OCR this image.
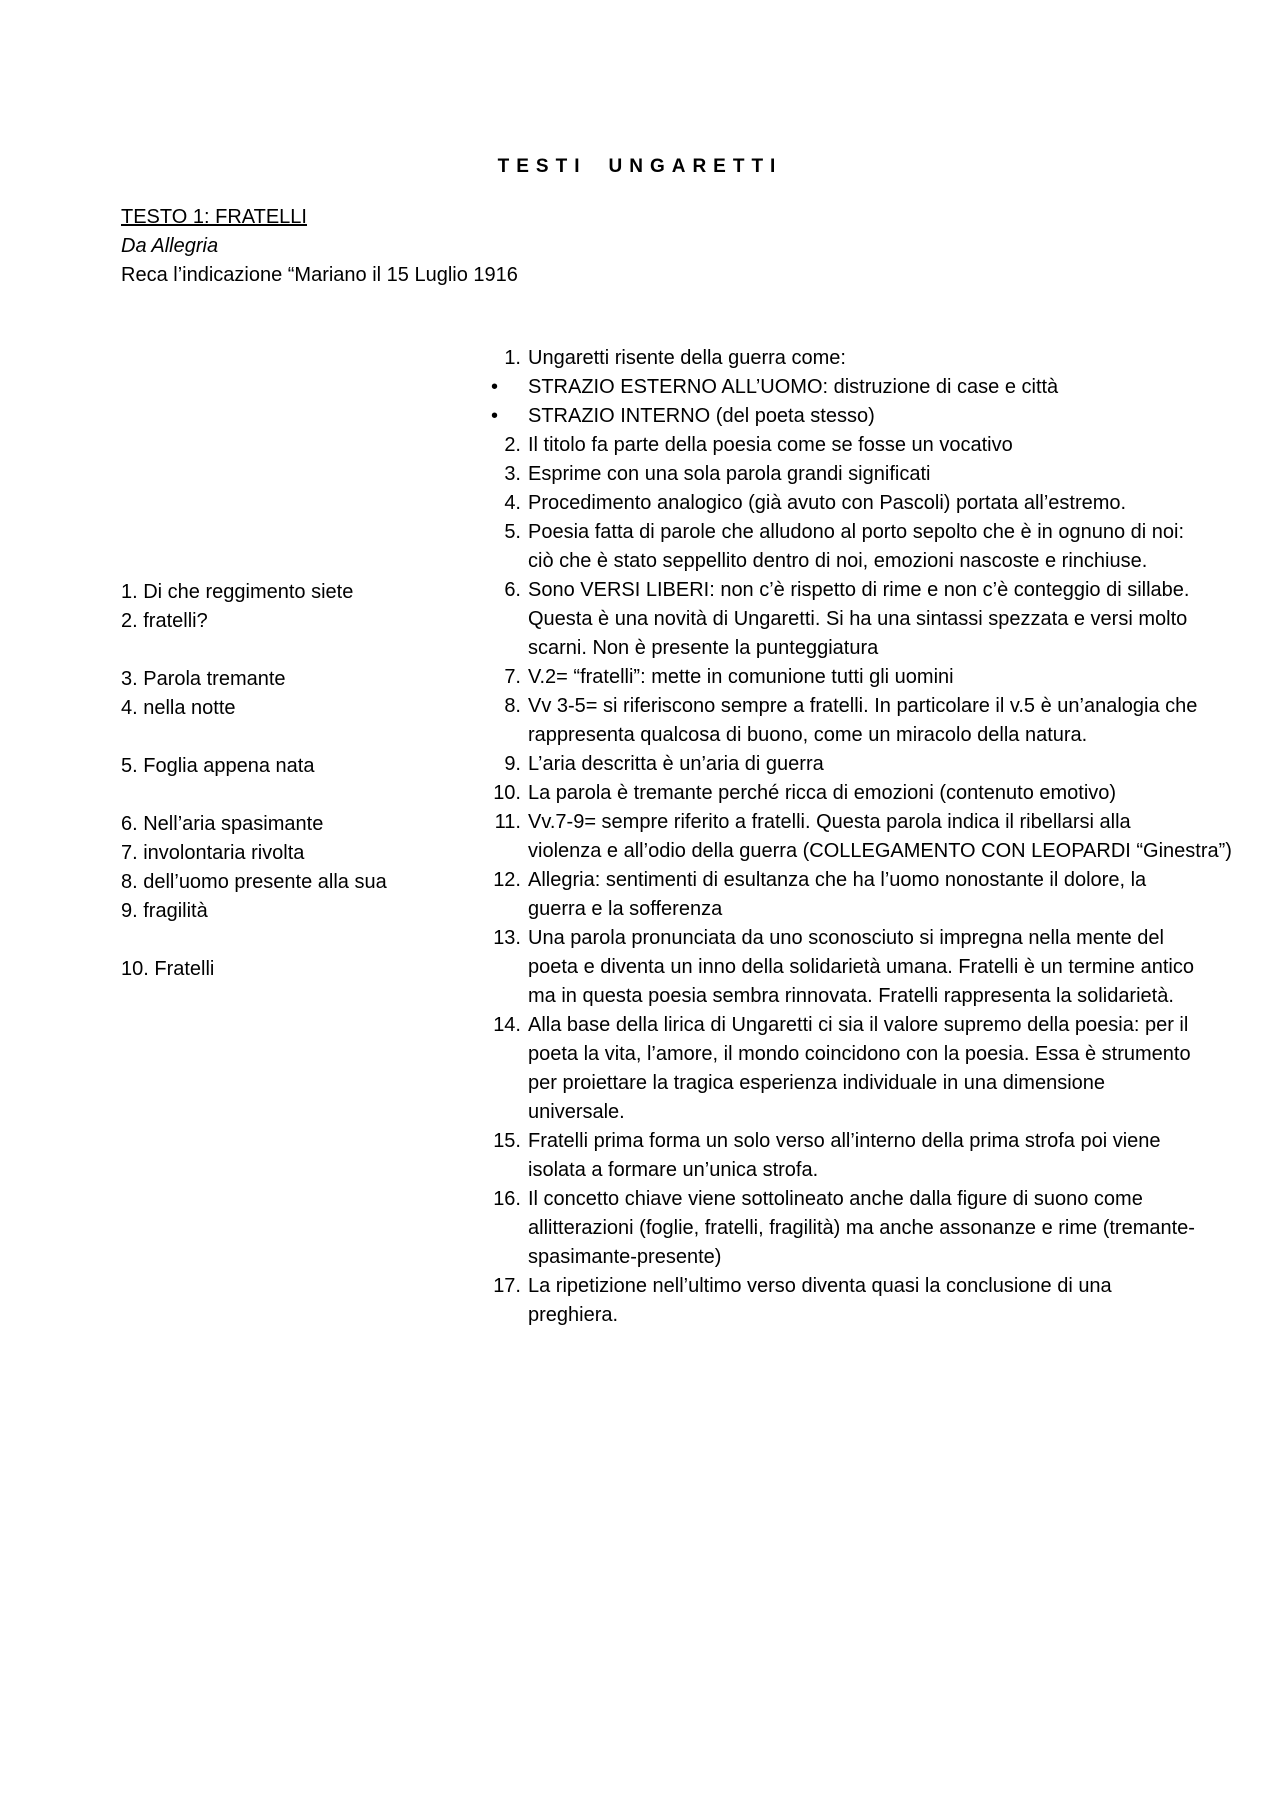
TESTI UNGARETTI
TESTO 1: FRATELLI
Da Allegria
Reca l’indicazione “Mariano il 15 Luglio 1916
1. Di che reggimento siete
2. fratelli?
3. Parola tremante
4. nella notte
5. Foglia appena nata
6. Nell’aria spasimante
7. involontaria rivolta
8. dell’uomo presente alla sua
9. fragilità
10. Fratelli
1. Ungaretti risente della guerra come:
•	STRAZIO ESTERNO ALL’UOMO: distruzione di case e città
•	STRAZIO INTERNO (del poeta stesso)
2. Il titolo fa parte della poesia come se fosse un vocativo
3. Esprime con una sola parola grandi significati
4. Procedimento analogico (già avuto con Pascoli) portata all’estremo.
5. Poesia fatta di parole che alludono al porto sepolto che è in ognuno di noi:
ciò che è stato seppellito dentro di noi, emozioni nascoste e rinchiuse.
6. Sono VERSI LIBERI: non c’è rispetto di rime e non c’è conteggio di sillabe.
Questa è una novità di Ungaretti. Si ha una sintassi spezzata e versi molto
scarni. Non è presente la punteggiatura
7. V.2= “fratelli”: mette in comunione tutti gli uomini
8. Vv 3-5= si riferiscono sempre a fratelli. In particolare il v.5 è un’analogia che
rappresenta qualcosa di buono, come un miracolo della natura.
9. L’aria descritta è un’aria di guerra
10. La parola è tremante perché ricca di emozioni (contenuto emotivo)
11. Vv.7-9= sempre riferito a fratelli. Questa parola indica il ribellarsi alla
violenza e all’odio della guerra (COLLEGAMENTO CON LEOPARDI “Ginestra”)
12. Allegria: sentimenti di esultanza che ha l’uomo nonostante il dolore, la
guerra e la sofferenza
13. Una parola pronunciata da uno sconosciuto si impregna nella mente del
poeta e diventa un inno della solidarietà umana. Fratelli è un termine antico
ma in questa poesia sembra rinnovata. Fratelli rappresenta la solidarietà.
14. Alla base della lirica di Ungaretti ci sia il valore supremo della poesia: per il
poeta la vita, l’amore, il mondo coincidono con la poesia. Essa è strumento
per proiettare la tragica esperienza individuale in una dimensione
universale.
15. Fratelli prima forma un solo verso all’interno della prima strofa poi viene
isolata a formare un’unica strofa.
16. Il concetto chiave viene sottolineato anche dalla figure di suono come
allitterazioni (foglie, fratelli, fragilità) ma anche assonanze e rime (tremante-
spasimante-presente)
17. La ripetizione nell’ultimo verso diventa quasi la conclusione di una
preghiera.
